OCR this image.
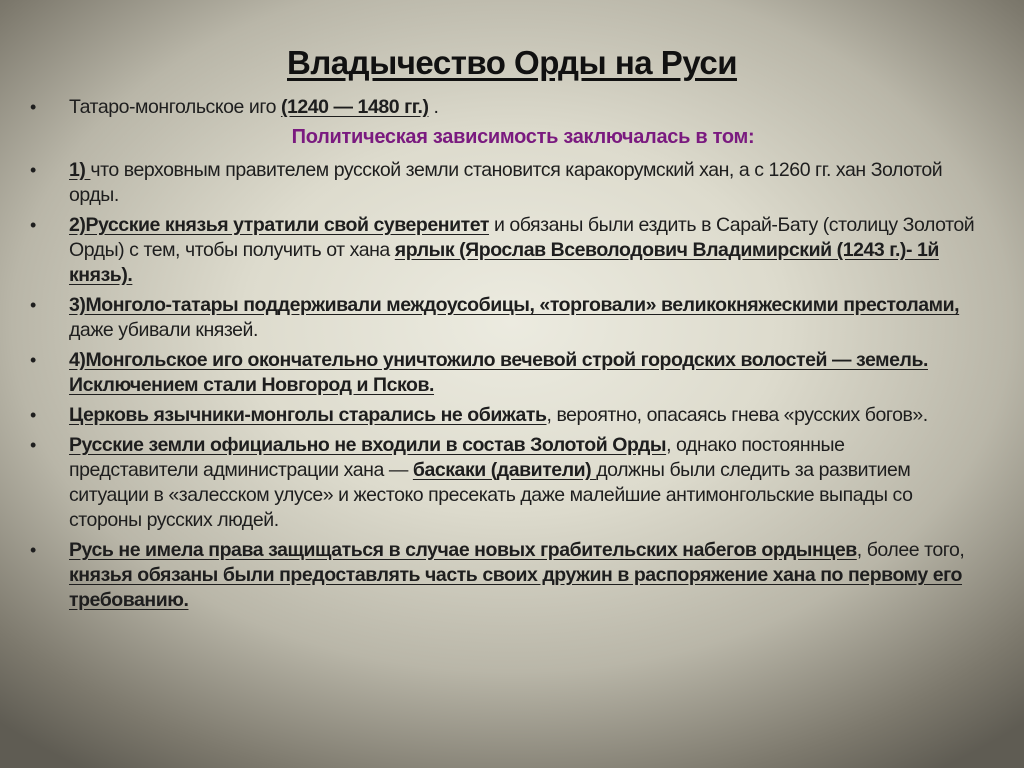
Владычество Орды на Руси
• Татаро-монгольское иго (1240 — 1480 гг.) .
Политическая зависимость заключалась в том:
• 1) что верховным правителем русской земли становится каракорумский хан, а с 1260 гг. хан Золотой орды.
• 2)Русские князья утратили свой суверенитет и обязаны были ездить в Сарай-Бату (столицу Золотой Орды) с тем, чтобы получить от хана ярлык (Ярослав Всеволодович Владимирский (1243 г.)- 1й князь).
• 3)Монголо-татары поддерживали междоусобицы, «торговали» великокняжескими престолами, даже убивали князей.
• 4)Монгольское иго окончательно уничтожило вечевой строй городских волостей — земель. Исключением стали Новгород и Псков.
• Церковь язычники-монголы старались не обижать, вероятно, опасаясь гнева «русских богов».
• Русские земли официально не входили в состав Золотой Орды, однако постоянные представители администрации хана — баскаки (давители) должны были следить за развитием ситуации в «залесском улусе» и жестоко пресекать даже малейшие антимонгольские выпады со стороны русских людей.
• Русь не имела права защищаться в случае новых грабительских набегов ордынцев, более того, князья обязаны были предоставлять часть своих дружин в распоряжение хана по первому его требованию.
